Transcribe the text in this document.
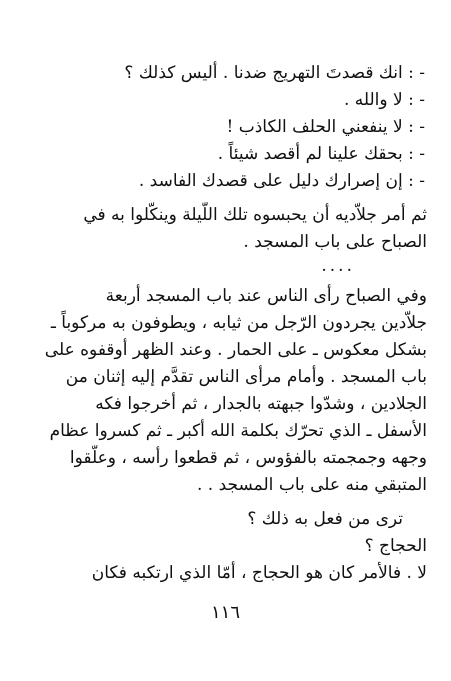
- : انك قصدتَ التهريج ضدنا . أليس كذلك ؟
- : لا والله .
- : لا ينفعني الحلف الكاذب !
- : بحقك علينا لم أقصد شيئاً .
- : إن إصرارك دليل على قصدك الفاسد .
ثم أمر جلاّديه أن يحبسوه تلك اللّيلة وينكّلوا به في
الصباح على باب المسجد .
....
وفي الصباح رأى الناس عند باب المسجد أربعة
جلاّدين يجردون الرّجل من ثيابه ، ويطوفون به مركوباً ـ
بشكل معكوس ـ على الحمار . وعند الظهر أوقفوه على
باب المسجد . وأمام مرأى الناس تقدَّم إليه إثنان من
الجلادين ، وشدّوا جبهته بالجدار ، ثم أخرجوا فكه
الأسفل ـ الذي تحرّك بكلمة الله أكبر ـ ثم كسروا عظام
وجهه وجمجمته بالفؤوس ، ثم قطعوا رأسه ، وعلّقوا
المتبقي منه على باب المسجد . .
ترى من فعل به ذلك ؟
الحجاج ؟
لا . فالأمر كان هو الحجاج ، أمّا الذي ارتكبه فكان
١١٦
